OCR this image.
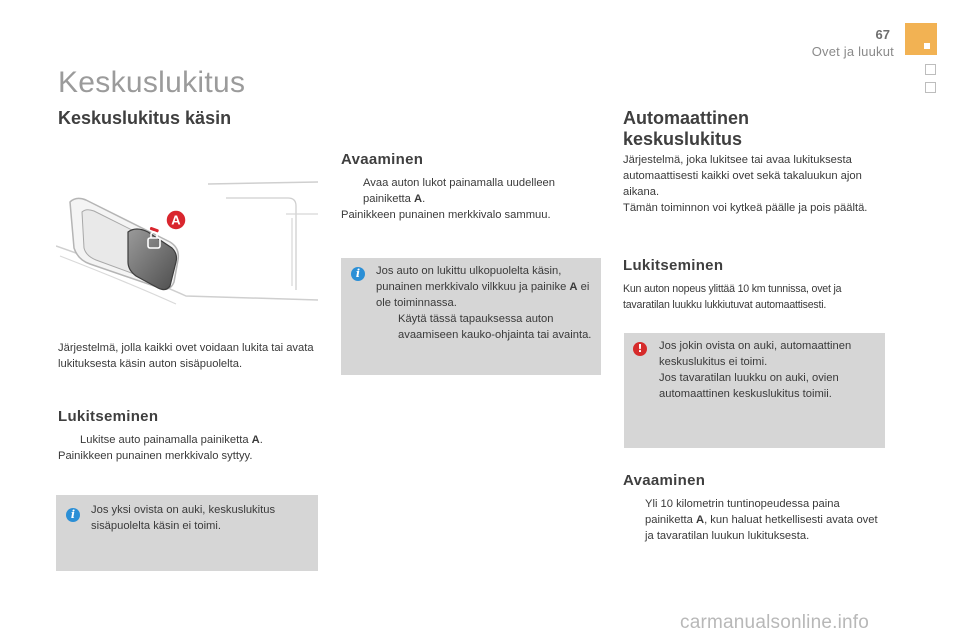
67
Ovet ja luukut
Keskuslukitus
Keskuslukitus käsin
A
Järjestelmä, jolla kaikki ovet voidaan lukita tai avata lukituksesta käsin auton sisäpuolelta.
Lukitseminen
Lukitse auto painamalla painiketta A.
Painikkeen punainen merkkivalo syttyy.
i	Jos yksi ovista on auki, keskuslukitus sisäpuolelta käsin ei toimi.
Avaaminen
Avaa auton lukot painamalla uudelleen painiketta A.
Painikkeen punainen merkkivalo sammuu.
i	Jos auto on lukittu ulkopuolelta käsin, punainen merkkivalo vilkkuu ja painike A ei ole toiminnassa.
Käytä tässä tapauksessa auton avaamiseen kauko-ohjainta tai avainta.
Automaattinen
keskuslukitus
Järjestelmä, joka lukitsee tai avaa lukituksesta automaattisesti kaikki ovet sekä takaluukun ajon aikana.
Tämän toiminnon voi kytkeä päälle ja pois päältä.
Lukitseminen
Kun auton nopeus ylittää 10 km tunnissa, ovet ja tavaratilan luukku lukkiutuvat automaattisesti.
!	Jos jokin ovista on auki, automaattinen keskuslukitus ei toimi.
Jos tavaratilan luukku on auki, ovien automaattinen keskuslukitus toimii.
Avaaminen
Yli 10 kilometrin tuntinopeudessa paina painiketta A, kun haluat hetkellisesti avata ovet ja tavaratilan luukun lukituksesta.
carmanualsonline.info
